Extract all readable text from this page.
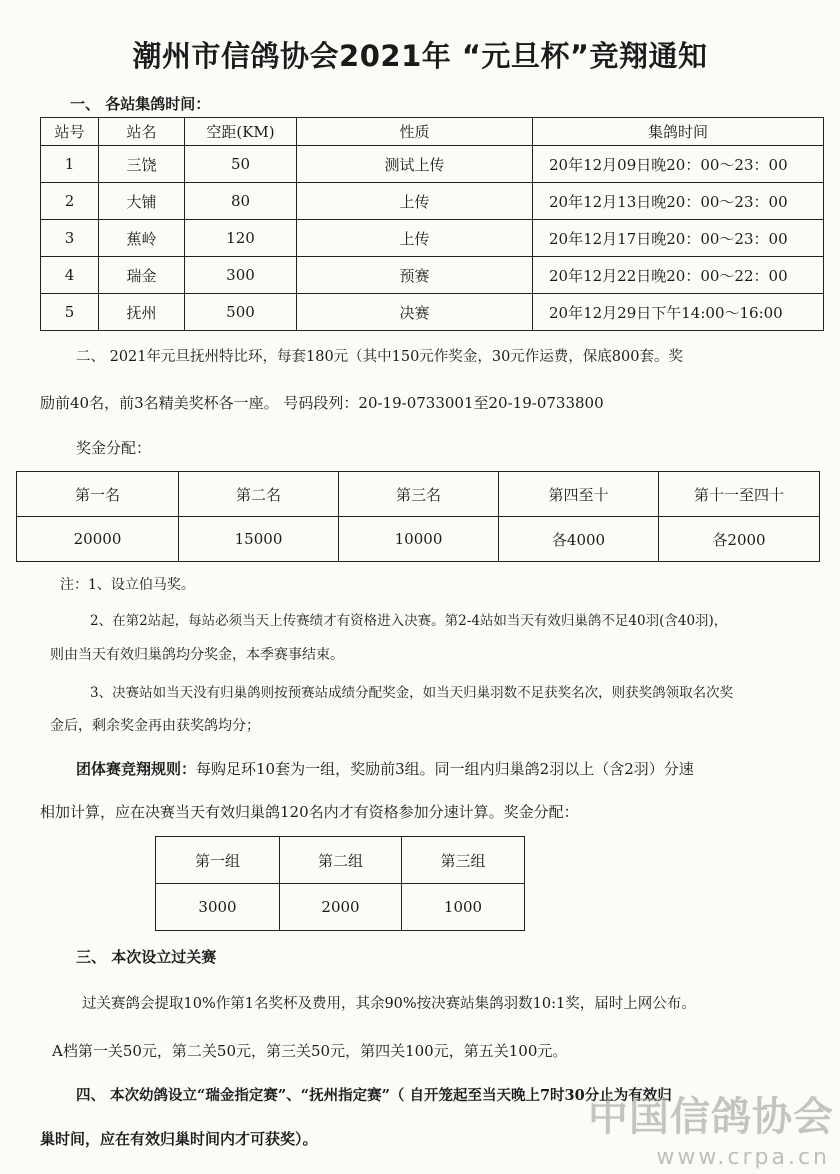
潮州市信鸽协会2021年 “元旦杯”竞翔通知
一、 各站集鸽时间：
站号	站名	空距(KM)	性质	集鸽时间
1	三饶	50	测试上传	20年12月09日晚20：00～23：00
2	大铺	80	上传	20年12月13日晚20：00～23：00
3	蕉岭	120	上传	20年12月17日晚20：00～23：00
4	瑞金	300	预赛	20年12月22日晚20：00～22：00
5	抚州	500	决赛	20年12月29日下午14:00～16:00
二、 2021年元旦抚州特比环，每套180元（其中150元作奖金，30元作运费，保底800套。奖
励前40名，前3名精美奖杯各一座。 号码段列：20-19-0733001至20-19-0733800
奖金分配：
第一名	第二名	第三名	第四至十	第十一至四十
20000	15000	10000	各4000	各2000
注：1、设立伯马奖。
2、在第2站起，每站必须当天上传赛绩才有资格进入决赛。第2-4站如当天有效归巢鸽不足40羽(含40羽)，
则由当天有效归巢鸽均分奖金，本季赛事结束。
3、决赛站如当天没有归巢鸽则按预赛站成绩分配奖金，如当天归巢羽数不足获奖名次，则获奖鸽领取名次奖
金后，剩余奖金再由获奖鸽均分；
团体赛竞翔规则：每购足环10套为一组，奖励前3组。同一组内归巢鸽2羽以上（含2羽）分速
相加计算，应在决赛当天有效归巢鸽120名内才有资格参加分速计算。奖金分配：
第一组	第二组	第三组
3000	2000	1000
三、 本次设立过关赛
过关赛鸽会提取10%作第1名奖杯及费用，其余90%按决赛站集鸽羽数10:1奖，届时上网公布。
A档第一关50元，第二关50元，第三关50元，第四关100元，第五关100元。
四、 本次幼鸽设立“瑞金指定赛”、“抚州指定赛”（ 自开笼起至当天晚上7时30分止为有效归
巢时间，应在有效归巢时间内才可获奖）。	中国信鸽协会
www.crpa.cn
